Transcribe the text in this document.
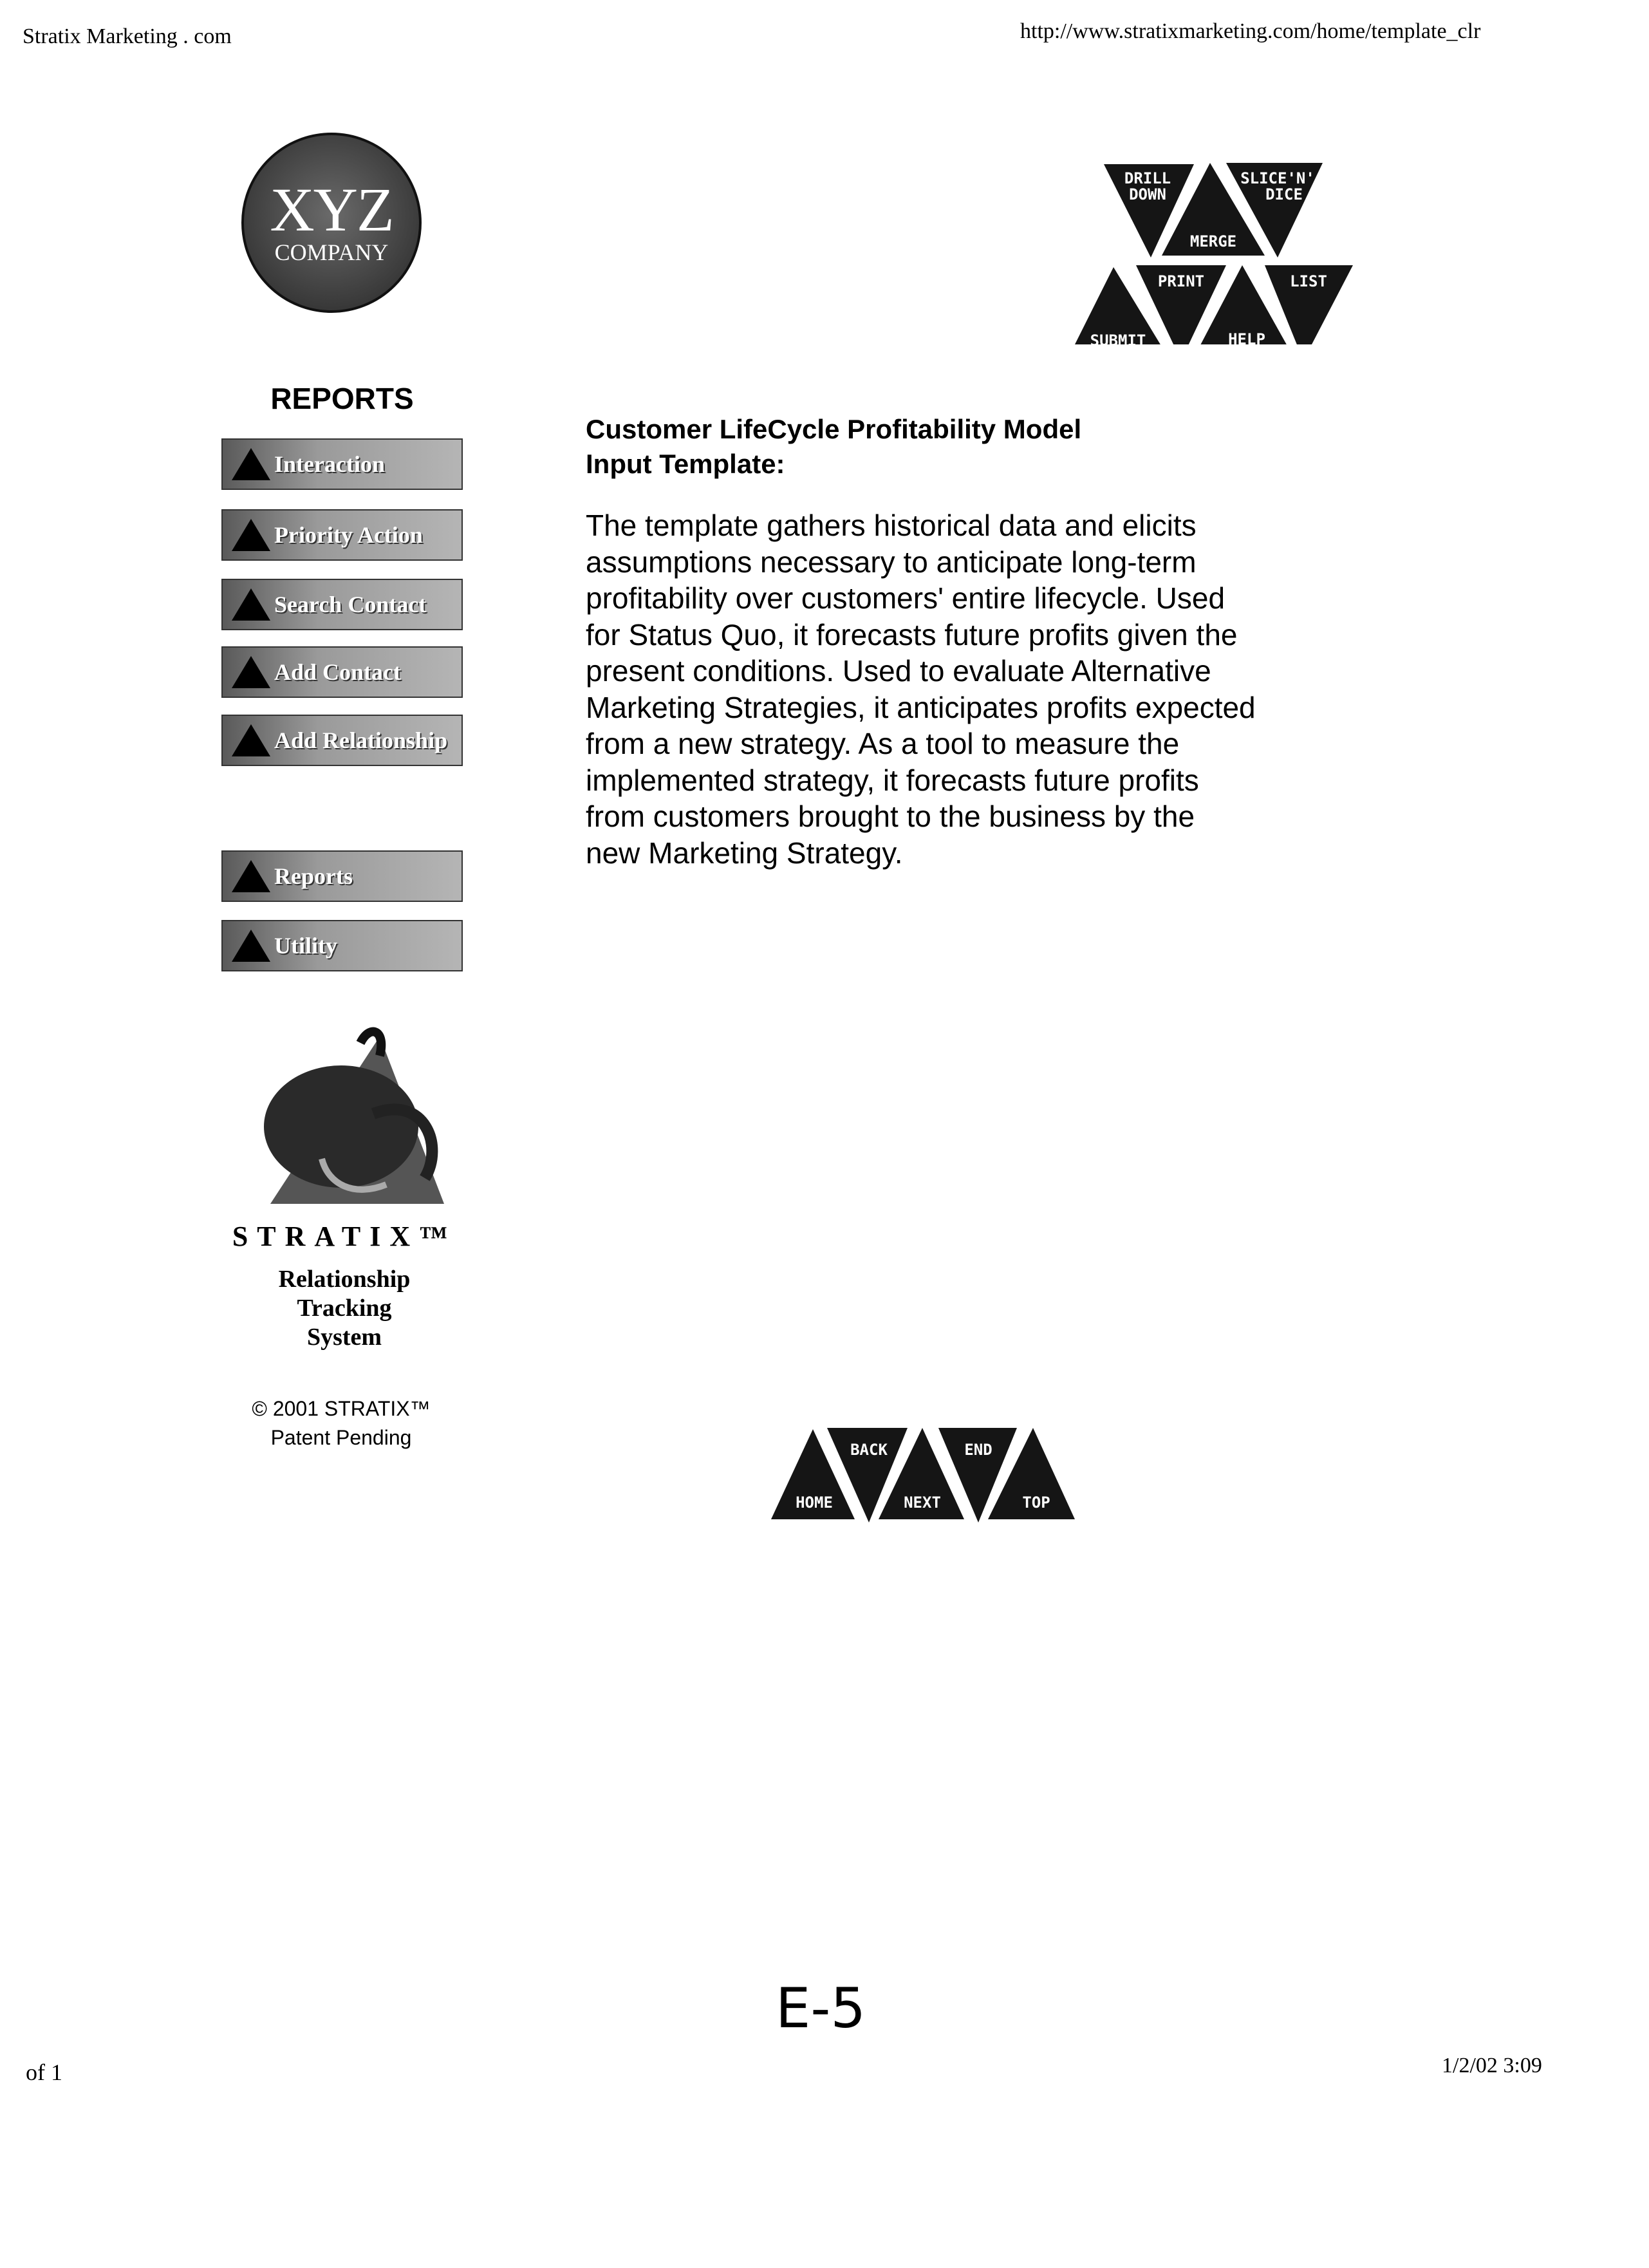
Stratix Marketing . com	http://www.stratixmarketing.com/home/template_clr
XYZ
COMPANY
REPORTS
Interaction
Priority Action
Search Contact
Add Contact
Add Relationship
Reports
Utility
DRILL
DOWN
MERGE
SLICE'N'
DICE
SUBMIT
PRINT
HELP
LIST
Customer LifeCycle Profitability Model
Input Template:
The template gathers historical data and elicits
assumptions necessary to anticipate long-term
profitability over customers' entire lifecycle. Used
for Status Quo, it forecasts future profits given the
present conditions. Used to evaluate Alternative
Marketing Strategies, it anticipates profits expected
from a new strategy. As a tool to measure the
implemented strategy, it forecasts future profits
from customers brought to the business by the
new Marketing Strategy.
STRATIX™
Relationship
Tracking
System
© 2001 STRATIX™
Patent Pending
HOME
BACK
NEXT
END
TOP
E-5
of 1	1/2/02 3:09
